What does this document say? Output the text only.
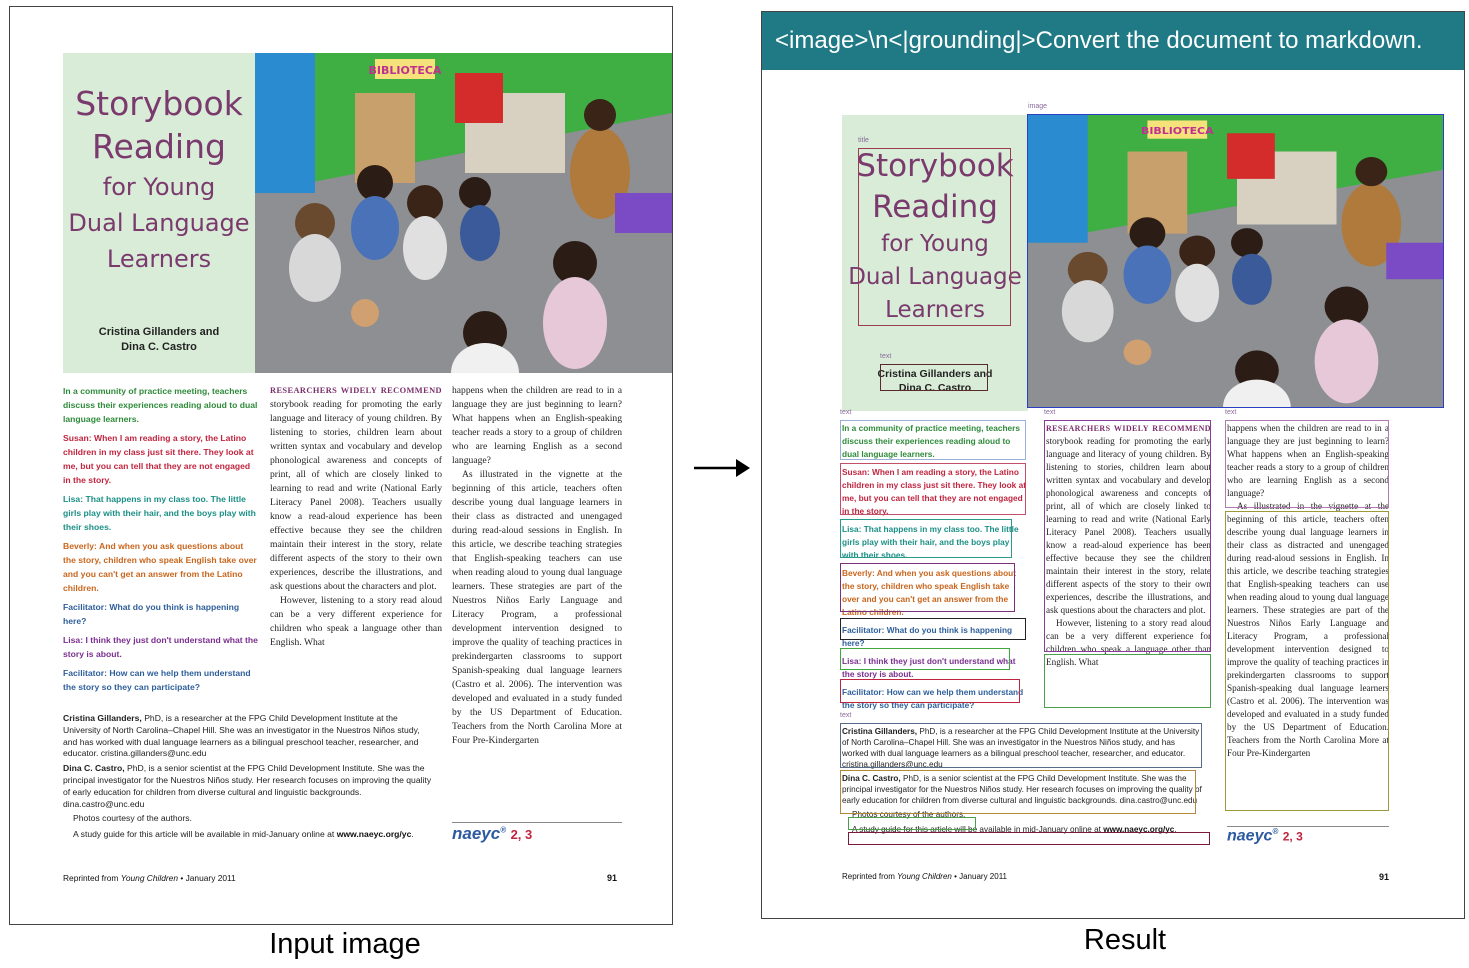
Input image	Result
Storybook
Reading
for Young
Dual Language
Learners
Cristina Gillanders and
Dina C. Castro
BIBLIOTECA

In a community of practice meeting, teachers discuss their experiences reading aloud to dual language learners.

Susan: When I am reading a story, the Latino children in my class just sit there. They look at me, but you can tell that they are not engaged in the story.

Lisa: That happens in my class too. The little girls play with their hair, and the boys play with their shoes.

Beverly: And when you ask questions about the story, children who speak English take over and you can't get an answer from the Latino children.

Facilitator: What do you think is happening here?

Lisa: I think they just don't understand what the story is about.

Facilitator: How can we help them understand the story so they can participate?

RESEARCHERS WIDELY RECOMMEND storybook reading for promoting the early language and literacy of young children. By listening to stories, children learn about written syntax and vocabulary and develop phonological awareness and concepts of print, all of which are closely linked to learning to read and write (National Early Literacy Panel 2008). Teachers usually know a read-aloud experience has been effective because they see the children maintain their interest in the story, relate different aspects of the story to their own experiences, describe the illustrations, and ask questions about the characters and plot.

However, listening to a story read aloud can be a very different experience for children who speak a language other than English. What

happens when the children are read to in a language they are just beginning to learn? What happens when an English-speaking teacher reads a story to a group of children who are learning English as a second language?

As illustrated in the vignette at the beginning of this article, teachers often describe young dual language learners in their class as distracted and unengaged during read-aloud sessions in English. In this article, we describe teaching strategies that English-speaking teachers can use when reading aloud to young dual language learners. These strategies are part of the Nuestros Niños Early Language and Literacy Program, a professional development intervention designed to improve the quality of teaching practices in prekindergarten classrooms to support Spanish-speaking dual language learners (Castro et al. 2006). The intervention was developed and evaluated in a study funded by the US Department of Education. Teachers from the North Carolina More at Four Pre-Kindergarten

Cristina Gillanders, PhD, is a researcher at the FPG Child Development Institute at the University of North Carolina–Chapel Hill. She was an investigator in the Nuestros Niños study, and has worked with dual language learners as a bilingual preschool teacher, researcher, and educator. cristina.gillanders@unc.edu

Dina C. Castro, PhD, is a senior scientist at the FPG Child Development Institute. She was the principal investigator for the Nuestros Niños study. Her research focuses on improving the quality of early education for children from diverse cultural and linguistic backgrounds. dina.castro@unc.edu

Photos courtesy of the authors.

A study guide for this article will be available in mid-January online at www.naeyc.org/yc.	naeyc® 2, 3
Reprinted from Young Children • January 2011	91
<image>\n<|grounding|>Convert the document to markdown.
Storybook
Reading
for Young
Dual Language
Learners
Cristina Gillanders and
Dina C. Castro
BIBLIOTECA

In a community of practice meeting, teachers discuss their experiences reading aloud to dual language learners.

Susan: When I am reading a story, the Latino children in my class just sit there. They look at me, but you can tell that they are not engaged in the story.

Lisa: That happens in my class too. The little girls play with their hair, and the boys play with their shoes.

Beverly: And when you ask questions about the story, children who speak English take over and you can't get an answer from the Latino children.

Facilitator: What do you think is happening here?

Lisa: I think they just don't understand what the story is about.

Facilitator: How can we help them understand the story so they can participate?

RESEARCHERS WIDELY RECOMMEND storybook reading for promoting the early language and literacy of young children. By listening to stories, children learn about written syntax and vocabulary and develop phonological awareness and concepts of print, all of which are closely linked to learning to read and write (National Early Literacy Panel 2008). Teachers usually know a read-aloud experience has been effective because they see the children maintain their interest in the story, relate different aspects of the story to their own experiences, describe the illustrations, and ask questions about the characters and plot.

However, listening to a story read aloud can be a very different experience for children who speak a language other than English. What

happens when the children are read to in a language they are just beginning to learn? What happens when an English-speaking teacher reads a story to a group of children who are learning English as a second language?

As illustrated in the vignette at the beginning of this article, teachers often describe young dual language learners in their class as distracted and unengaged during read-aloud sessions in English. In this article, we describe teaching strategies that English-speaking teachers can use when reading aloud to young dual language learners. These strategies are part of the Nuestros Niños Early Language and Literacy Program, a professional development intervention designed to improve the quality of teaching practices in prekindergarten classrooms to support Spanish-speaking dual language learners (Castro et al. 2006). The intervention was developed and evaluated in a study funded by the US Department of Education. Teachers from the North Carolina More at Four Pre-Kindergarten

Cristina Gillanders, PhD, is a researcher at the FPG Child Development Institute at the University of North Carolina–Chapel Hill. She was an investigator in the Nuestros Niños study, and has worked with dual language learners as a bilingual preschool teacher, researcher, and educator. cristina.gillanders@unc.edu

Dina C. Castro, PhD, is a senior scientist at the FPG Child Development Institute. She was the principal investigator for the Nuestros Niños study. Her research focuses on improving the quality of early education for children from diverse cultural and linguistic backgrounds. dina.castro@unc.edu

Photos courtesy of the authors.

A study guide for this article will be available in mid-January online at www.naeyc.org/yc.	naeyc® 2, 3
Reprinted from Young Children • January 2011	91
image
title
text
text	text	text
text
